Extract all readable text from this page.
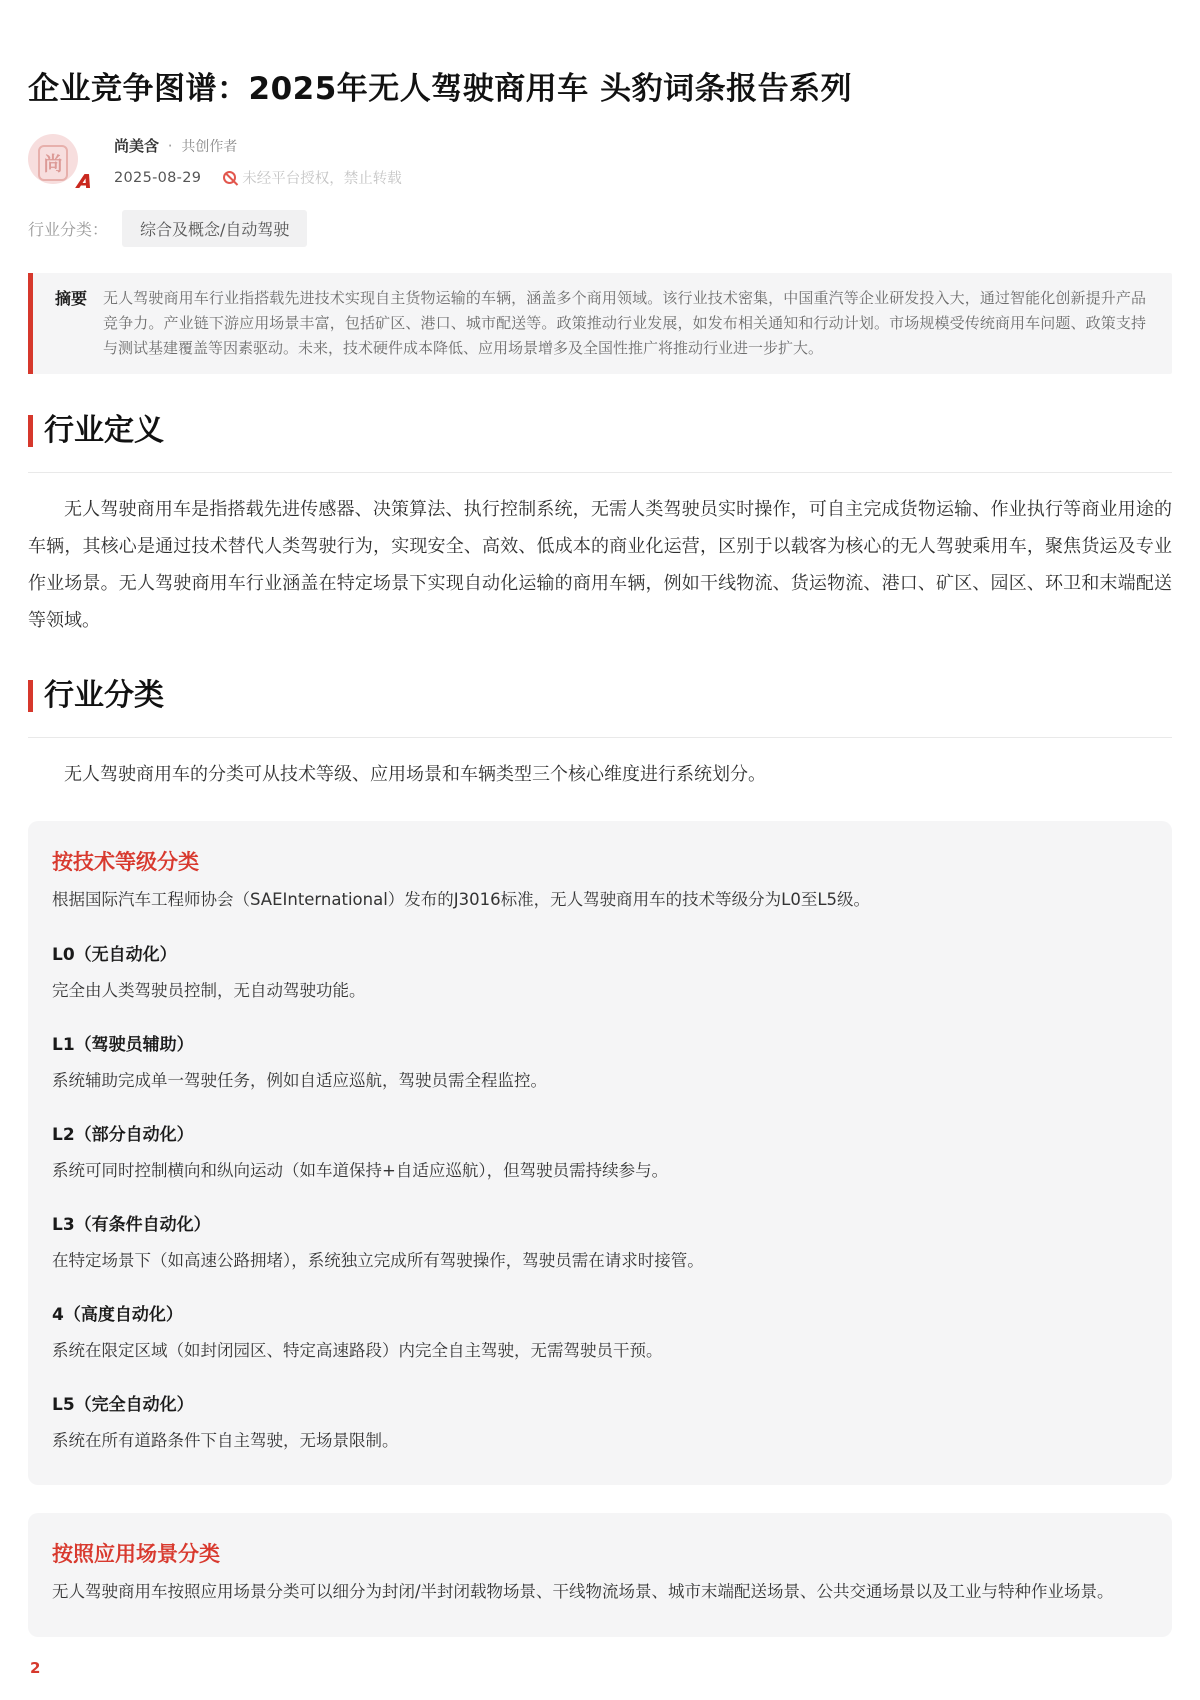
企业竞争图谱：2025年无人驾驶商用车 头豹词条报告系列
尚
A
尚美含 · 共创作者
2025-08-29	未经平台授权，禁止转载
行业分类：	综合及概念/自动驾驶
摘要 无人驾驶商用车行业指搭载先进技术实现自主货物运输的车辆，涵盖多个商用领域。该行业技术密集，中国重汽等企业研发投入大，通过智能化创新提升产品竞争力。产业链下游应用场景丰富，包括矿区、港口、城市配送等。政策推动行业发展，如发布相关通知和行动计划。市场规模受传统商用车问题、政策支持与测试基建覆盖等因素驱动。未来，技术硬件成本降低、应用场景增多及全国性推广将推动行业进一步扩大。

行业定义

无人驾驶商用车是指搭载先进传感器、决策算法、执行控制系统，无需人类驾驶员实时操作，可自主完成货物运输、作业执行等商业用途的车辆，其核心是通过技术替代人类驾驶行为，实现安全、高效、低成本的商业化运营，区别于以载客为核心的无人驾驶乘用车，聚焦货运及专业作业场景。无人驾驶商用车行业涵盖在特定场景下实现自动化运输的商用车辆，例如干线物流、货运物流、港口、矿区、园区、环卫和末端配送等领域。

行业分类

无人驾驶商用车的分类可从技术等级、应用场景和车辆类型三个核心维度进行系统划分。

按技术等级分类

根据国际汽车工程师协会（SAEInternational）发布的J3016标准，无人驾驶商用车的技术等级分为L0至L5级。

L0（无自动化）

完全由人类驾驶员控制，无自动驾驶功能。

L1（驾驶员辅助）

系统辅助完成单一驾驶任务，例如自适应巡航，驾驶员需全程监控。

L2（部分自动化）

系统可同时控制横向和纵向运动（如车道保持+自适应巡航），但驾驶员需持续参与。

L3（有条件自动化）

在特定场景下（如高速公路拥堵），系统独立完成所有驾驶操作，驾驶员需在请求时接管。

4（高度自动化）

系统在限定区域（如封闭园区、特定高速路段）内完全自主驾驶，无需驾驶员干预。

L5（完全自动化）

系统在所有道路条件下自主驾驶，无场景限制。

按照应用场景分类

无人驾驶商用车按照应用场景分类可以细分为封闭/半封闭载物场景、干线物流场景、城市末端配送场景、公共交通场景以及工业与特种作业场景。

2
